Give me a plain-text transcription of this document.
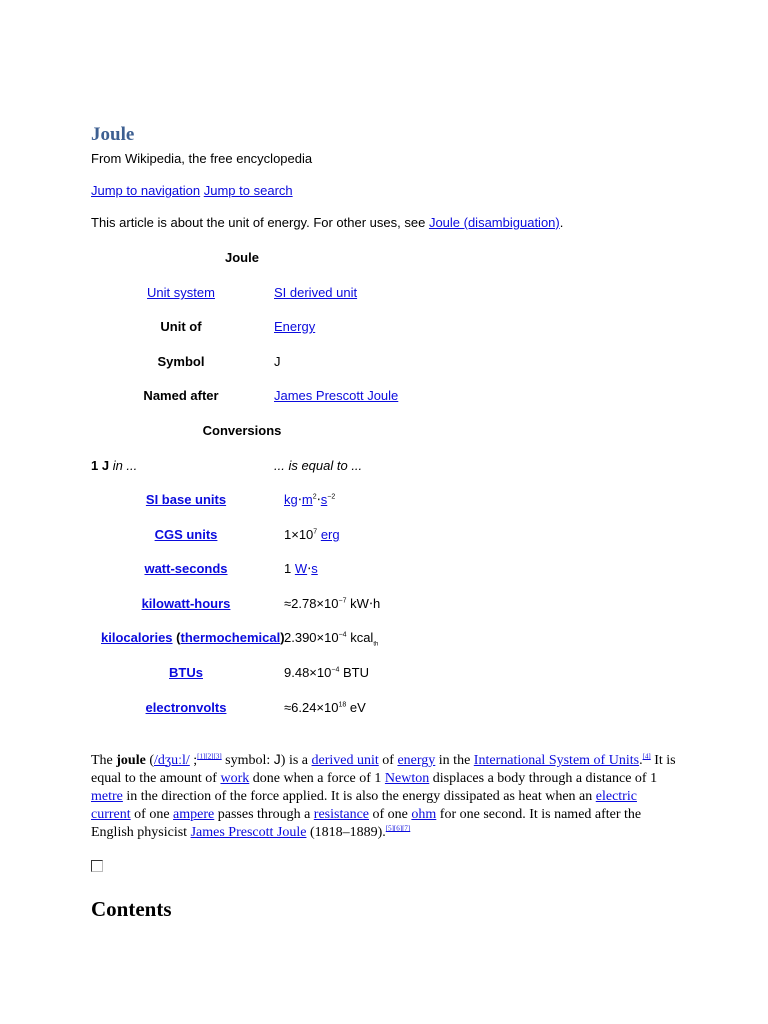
Joule
From Wikipedia, the free encyclopedia
Jump to navigation Jump to search
This article is about the unit of energy. For other uses, see Joule (disambiguation).
Joule
Unit system	SI derived unit
Unit of	Energy
Symbol	J
Named after	James Prescott Joule
Conversions
1 J in ...	... is equal to ...
SI base units	$kg\cdot m^2\cdot s^{-2}$
CGS units	$1\times 10^7$ erg
watt-seconds	1 W⋅s
kilowatt-hours	$\approx 2.78\times 10^{-7}$ kW⋅h
kilocalories (thermochemical) $2.390\times 10^{-4}$ kcal$_{th}$
BTUs	$9.48\times 10^{-4}$ BTU
electronvolts	$\approx 6.24\times 10^{18}$ eV
The joule (/dʒuːl/ ;[1][2][3] symbol: J) is a derived unit of energy in the International System of Units.[4] It is equal to the amount of work done when a force of 1 Newton displaces a body through a distance of 1 metre in the direction of the force applied. It is also the energy dissipated as heat when an electric current of one ampere passes through a resistance of one ohm for one second. It is named after the English physicist James Prescott Joule (1818–1889).[5][6][7]
Contents
